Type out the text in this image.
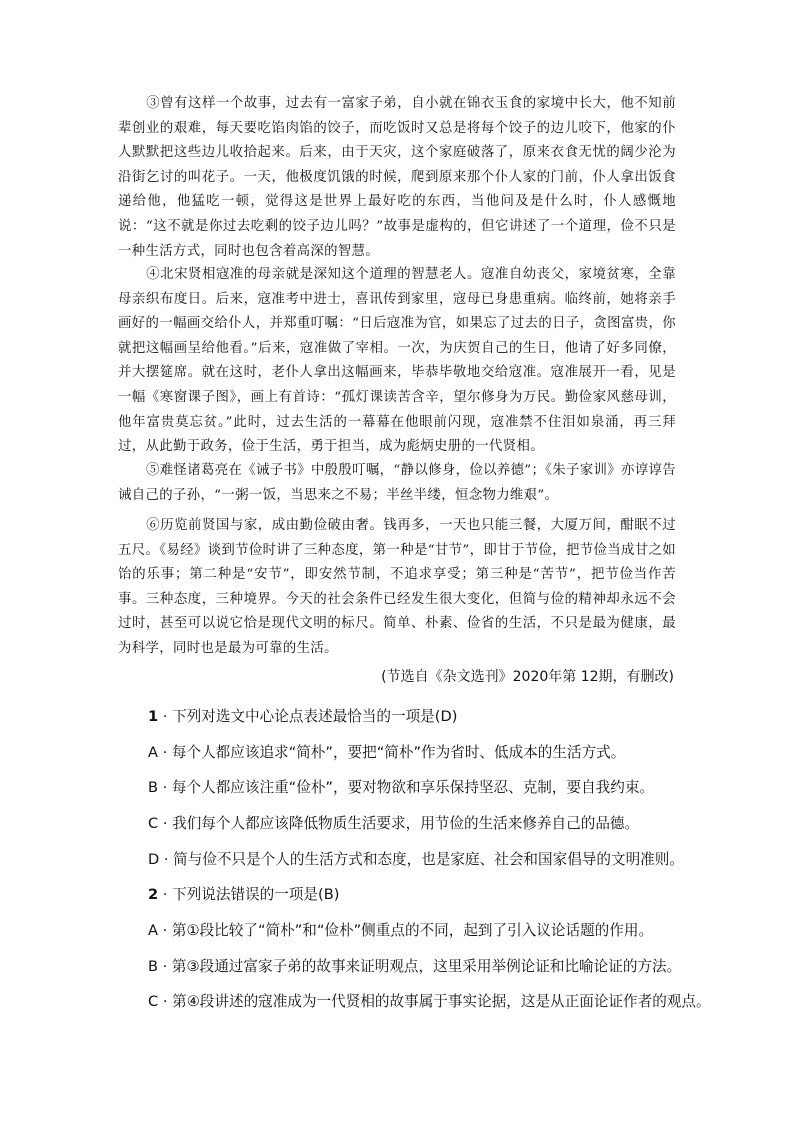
③曾有这样一个故事，过去有一富家子弟，自小就在锦衣玉食的家境中长大，他不知前辈创业的艰难，每天要吃馅肉馅的饺子，而吃饭时又总是将每个饺子的边儿咬下，他家的仆人默默把这些边儿收拾起来。后来，由于天灾，这个家庭破落了，原来衣食无忧的阔少沦为沿街乞讨的叫花子。一天，他极度饥饿的时候，爬到原来那个仆人家的门前，仆人拿出饭食递给他，他猛吃一顿，觉得这是世界上最好吃的东西，当他问及是什么时，仆人感慨地说：“这不就是你过去吃剩的饺子边儿吗？”故事是虚构的，但它讲述了一个道理，俭不只是一种生活方式，同时也包含着高深的智慧。
④北宋贤相寇准的母亲就是深知这个道理的智慧老人。寇准自幼丧父，家境贫寒，全靠母亲织布度日。后来，寇准考中进士，喜讯传到家里，寇母已身患重病。临终前，她将亲手画好的一幅画交给仆人，并郑重叮嘱：“日后寇准为官，如果忘了过去的日子，贪图富贵，你就把这幅画呈给他看。”后来，寇准做了宰相。一次，为庆贺自己的生日，他请了好多同僚，并大摆筵席。就在这时，老仆人拿出这幅画来，毕恭毕敬地交给寇准。寇准展开一看，见是一幅《寒窗课子图》，画上有首诗：“孤灯课读苦含辛，望尔修身为万民。勤俭家风慈母训，他年富贵莫忘贫。”此时，过去生活的一幕幕在他眼前闪现，寇准禁不住泪如泉涌，再三拜过，从此勤于政务，俭于生活，勇于担当，成为彪炳史册的一代贤相。
⑤难怪诸葛亮在《诫子书》中殷殷叮嘱，“静以修身，俭以养德”；《朱子家训》亦谆谆告诫自己的子孙，“一粥一饭，当思来之不易；半丝半缕，恒念物力维艰”。
⑥历览前贤国与家，成由勤俭破由奢。钱再多，一天也只能三餐，大厦万间，酣眠不过五尺。《易经》谈到节俭时讲了三种态度，第一种是“甘节”，即甘于节俭，把节俭当成甘之如饴的乐事；第二种是“安节”，即安然节制，不追求享受；第三种是“苦节”，把节俭当作苦事。三种态度，三种境界。今天的社会条件已经发生很大变化，但简与俭的精神却永远不会过时，甚至可以说它恰是现代文明的标尺。简单、朴素、俭省的生活，不只是最为健康，最为科学，同时也是最为可靠的生活。
(节选自《杂文选刊》2020年第 12期，有删改)
1 · 下列对选文中心论点表述最恰当的一项是(D)
A · 每个人都应该追求“简朴”，要把“简朴”作为省时、低成本的生活方式。
B · 每个人都应该注重“俭朴”，要对物欲和享乐保持坚忍、克制，要自我约束。
C · 我们每个人都应该降低物质生活要求，用节俭的生活来修养自己的品德。
D · 简与俭不只是个人的生活方式和态度，也是家庭、社会和国家倡导的文明准则。
2 · 下列说法错误的一项是(B)
A · 第①段比较了“简朴”和“俭朴”侧重点的不同，起到了引入议论话题的作用。
B · 第③段通过富家子弟的故事来证明观点，这里采用举例论证和比喻论证的方法。
C · 第④段讲述的寇准成为一代贤相的故事属于事实论据，这是从正面论证作者的观点。
